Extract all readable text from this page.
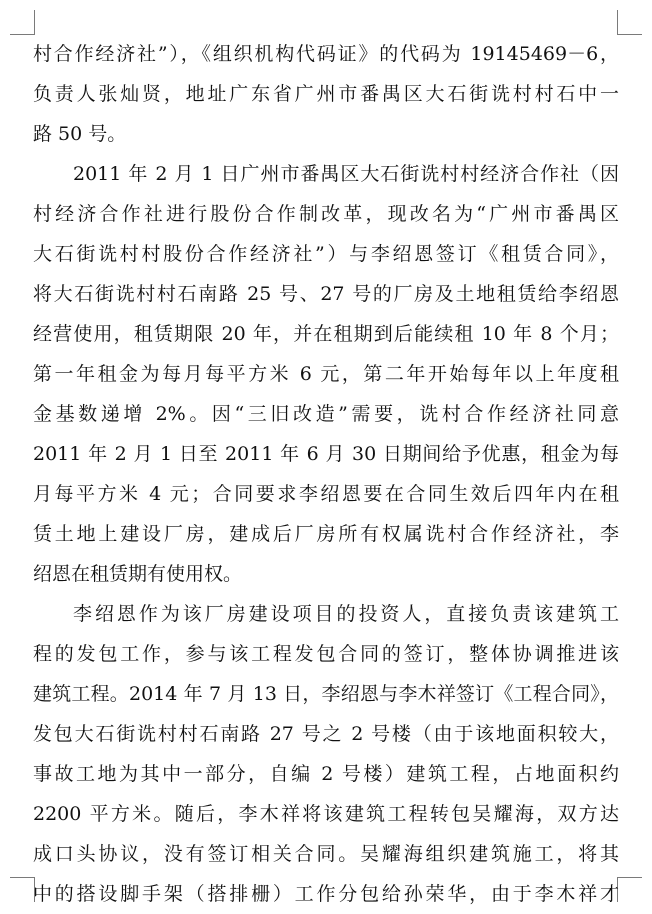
村合作经济社”），《组织机构代码证》的代码为 19145469－6，
负责人张灿贤，地址广东省广州市番禺区大石街诜村村石中一
路 50 号。
2011 年 2 月 1 日广州市番禺区大石街诜村村经济合作社（因
村经济合作社进行股份合作制改革，现改名为“广州市番禺区
大石街诜村村股份合作经济社”）与李绍恩签订《租赁合同》，
将大石街诜村村石南路 25 号、27 号的厂房及土地租赁给李绍恩
经营使用，租赁期限 20 年，并在租期到后能续租 10 年 8 个月；
第一年租金为每月每平方米 6 元，第二年开始每年以上年度租
金基数递增 2%。因“三旧改造”需要，诜村合作经济社同意
2011 年 2 月 1 日至 2011 年 6 月 30 日期间给予优惠，租金为每
月每平方米 4 元；合同要求李绍恩要在合同生效后四年内在租
赁土地上建设厂房，建成后厂房所有权属诜村合作经济社，李
绍恩在租赁期有使用权。
李绍恩作为该厂房建设项目的投资人，直接负责该建筑工
程的发包工作，参与该工程发包合同的签订，整体协调推进该
建筑工程。2014 年 7 月 13 日，李绍恩与李木祥签订《工程合同》，
发包大石街诜村村石南路 27 号之 2 号楼（由于该地面积较大，
事故工地为其中一部分，自编 2 号楼）建筑工程，占地面积约
2200 平方米。随后，李木祥将该建筑工程转包吴耀海，双方达
成口头协议，没有签订相关合同。吴耀海组织建筑施工，将其
中的搭设脚手架（搭排栅）工作分包给孙荣华，由于李木祥才
